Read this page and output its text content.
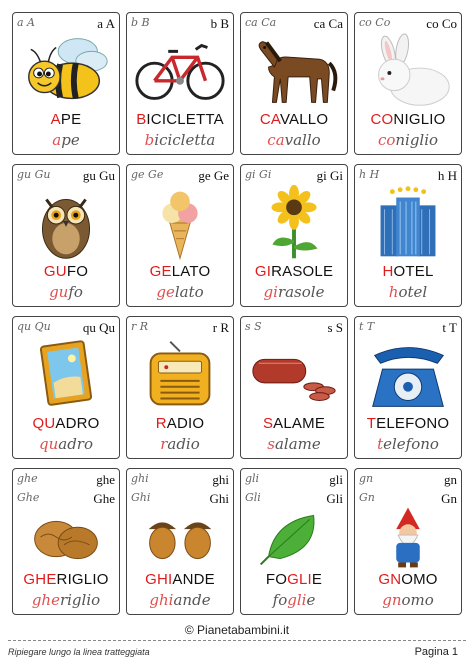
a A	a A
APE
ape
b B	b B
BICICLETTA
bicicletta
ca Ca	ca Ca
CAVALLO
cavallo
co Co	co Co
CONIGLIO
coniglio
gu Gu gu Gu
GUFO
gufo
ge Ge	ge Ge
GELATO
gelato
gi Gi	gi Gi
GIRASOLE
girasole
h H	h H
HOTEL
hotel
qu Qu qu Qu
QUADRO
quadro
r R	r R
RADIO
radio
s S	s S
SALAME
salame
t T	t T
TELEFONO
telefono
ghe	ghe
Ghe	Ghe
GHERIGLIO
gheriglio
ghi	ghi
Ghi	Ghi
GHIANDE
ghiande
gli	gli
Gli	Gli
FOGLIE
foglie
gn	gn
Gn	Gn
GNOMO
gnomo
© Pianetabambini.it
Ripiegare lungo la linea tratteggiata	Pagina 1
